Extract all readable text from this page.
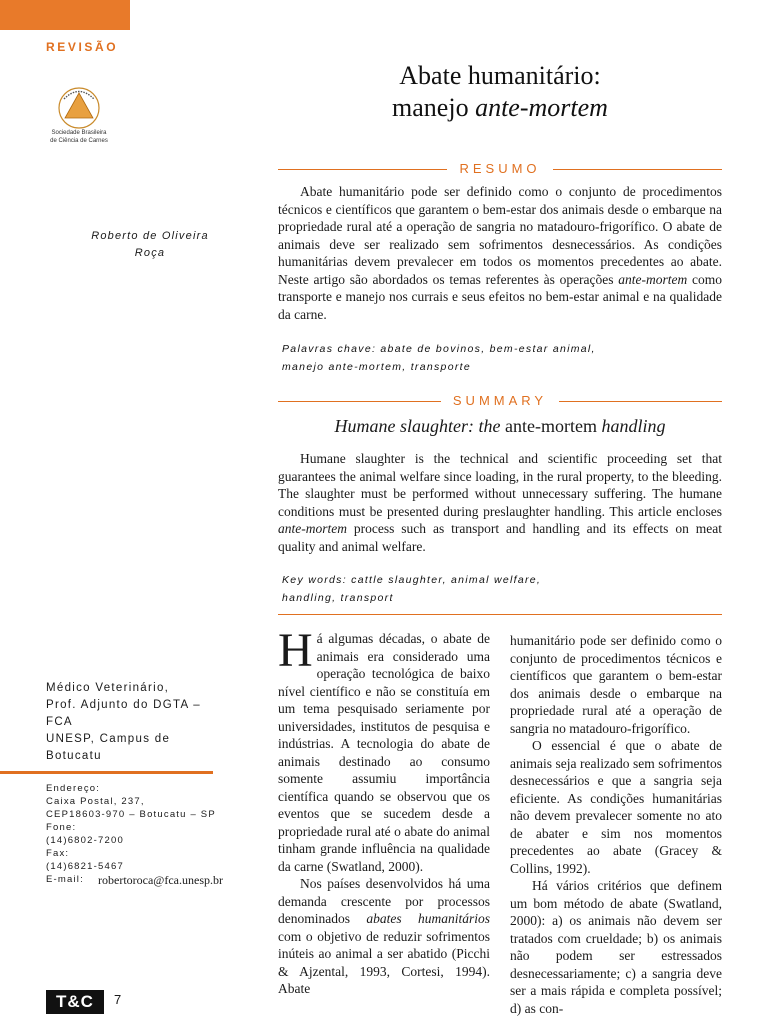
REVISÃO
Sociedade Brasileira
de Ciência de Carnes
Abate humanitário:
manejo ante-mortem
RESUMO
Roberto de Oliveira
Roça

Abate humanitário pode ser definido como o conjunto de procedimentos técnicos e científicos que garantem o bem-estar dos animais desde o embarque na propriedade rural até a operação de sangria no matadouro-frigorífico. O abate de animais deve ser realizado sem sofrimentos desnecessários. As condições humanitárias devem prevalecer em todos os momentos precedentes ao abate. Neste artigo são abordados os temas referentes às operações ante-mortem como transporte e manejo nos currais e seus efeitos no bem-estar animal e na qualidade da carne.

Palavras chave: abate de bovinos, bem-estar animal,
manejo ante-mortem, transporte
SUMMARY
Humane slaughter: the ante-mortem handling

Humane slaughter is the technical and scientific proceeding set that guarantees the animal welfare since loading, in the rural property, to the bleeding. The slaughter must be performed without unnecessary suffering. The humane conditions must be presented during preslaughter handling. This article encloses ante-mortem process such as transport and handling and its effects on meat quality and animal welfare.

Key words: cattle slaughter, animal welfare,
handling, transport
Médico Veterinário,
Prof. Adjunto do DGTA –
FCA
UNESP, Campus de
Botucatu
Endereço:
Caixa Postal, 237,
CEP18603-970 – Botucatu – SP
Fone:
(14)6802-7200
Fax:
(14)6821-5467
E-mail:	robertoroca@fca.unesp.br
H á algumas décadas, o abate de animais era considerado uma operação tecnológica de baixo nível científico e não se constituía em um tema pesquisado seriamente por universidades, institutos de pesquisa e indústrias. A tecnologia do abate de animais destinado ao consumo somente assumiu importância científica quando se observou que os eventos que se sucedem desde a propriedade rural até o abate do animal tinham grande influência na qualidade da carne (Swatland, 2000).

Nos países desenvolvidos há uma demanda crescente por processos denominados abates humanitários com o objetivo de reduzir sofrimentos inúteis ao animal a ser abatido (Picchi & Ajzental, 1993, Cortesi, 1994). Abate

humanitário pode ser definido como o conjunto de procedimentos técnicos e científicos que garantem o bem-estar dos animais desde o embarque na propriedade rural até a operação de sangria no matadouro-frigorífico.

O essencial é que o abate de animais seja realizado sem sofrimentos desnecessários e que a sangria seja eficiente. As condições humanitárias não devem prevalecer somente no ato de abater e sim nos momentos precedentes ao abate (Gracey & Collins, 1992).

Há vários critérios que definem um bom método de abate (Swatland, 2000): a) os animais não devem ser tratados com crueldade; b) os animais não podem ser estressados desnecessariamente; c) a sangria deve ser a mais rápida e completa possível; d) as con-

T&C	7
